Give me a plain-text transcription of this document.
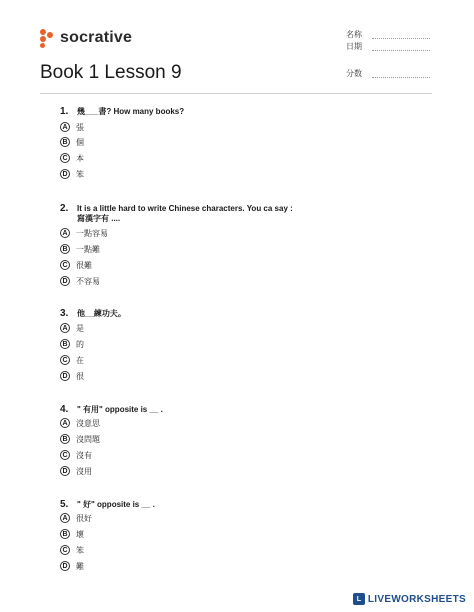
socrative	名称
日期
分数
Book 1 Lesson 9
1. 幾___書? How many books?
A	張
B	個
C	本
D	笨
2. It is a little hard to write Chinese characters. You ca say :
寫漢字有 ....
A	一點容易
B	一點難
C	很難
D	不容易
3. 他__練功夫。
A	是
B	的
C	在
D	很
4. " 有用" opposite is __ .
A	沒意思
B	沒問題
C	沒有
D	沒用
5. " 好" opposite is __ .
A	很好
B	壞
C	笨
D	難
L LIVEWORKSHEETS
